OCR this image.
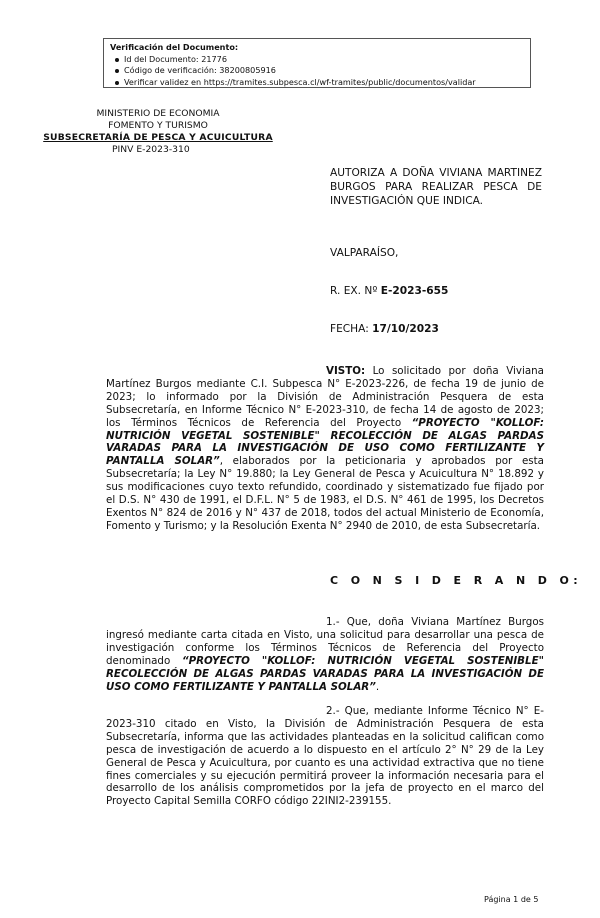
Verificación del Documento:
Id del Documento: 21776
Código de verificación: 38200805916
Verificar validez en https://tramites.subpesca.cl/wf-tramites/public/documentos/validar
MINISTERIO DE ECONOMIA
FOMENTO Y TURISMO
SUBSECRETARÍA DE PESCA Y ACUICULTURA
PINV E-2023-310
AUTORIZA A DOÑA VIVIANA MARTINEZ BURGOS PARA REALIZAR PESCA DE INVESTIGACIÓN QUE INDICA.
VALPARAÍSO,
R. EX. Nº E-2023-655
FECHA: 17/10/2023
VISTO: Lo solicitado por doña Viviana Martínez Burgos mediante C.I. Subpesca N° E-2023-226, de fecha 19 de junio de 2023; lo informado por la División de Administración Pesquera de esta Subsecretaría, en Informe Técnico N° E-2023-310, de fecha 14 de agosto de 2023; los Términos Técnicos de Referencia del Proyecto “PROYECTO "KOLLOF: NUTRICIÓN VEGETAL SOSTENIBLE" RECOLECCIÓN DE ALGAS PARDAS VARADAS PARA LA INVESTIGACIÓN DE USO COMO FERTILIZANTE Y PANTALLA SOLAR”, elaborados por la peticionaria y aprobados por esta Subsecretaría; la Ley N° 19.880; la Ley General de Pesca y Acuicultura N° 18.892 y sus modificaciones cuyo texto refundido, coordinado y sistematizado fue fijado por el D.S. N° 430 de 1991, el D.F.L. N° 5 de 1983, el D.S. N° 461 de 1995, los Decretos Exentos N° 824 de 2016 y N° 437 de 2018, todos del actual Ministerio de Economía, Fomento y Turismo; y la Resolución Exenta N° 2940 de 2010, de esta Subsecretaría.
C O N S I D E R A N D O:
1.- Que, doña Viviana Martínez Burgos ingresó mediante carta citada en Visto, una solicitud para desarrollar una pesca de investigación conforme los Términos Técnicos de Referencia del Proyecto denominado “PROYECTO "KOLLOF: NUTRICIÓN VEGETAL SOSTENIBLE" RECOLECCIÓN DE ALGAS PARDAS VARADAS PARA LA INVESTIGACIÓN DE USO COMO FERTILIZANTE Y PANTALLA SOLAR”.
2.- Que, mediante Informe Técnico N° E-2023-310 citado en Visto, la División de Administración Pesquera de esta Subsecretaría, informa que las actividades planteadas en la solicitud califican como pesca de investigación de acuerdo a lo dispuesto en el artículo 2° N° 29 de la Ley General de Pesca y Acuicultura, por cuanto es una actividad extractiva que no tiene fines comerciales y su ejecución permitirá proveer la información necesaria para el desarrollo de los análisis comprometidos por la jefa de proyecto en el marco del Proyecto Capital Semilla CORFO código 22INI2-239155.
Página 1 de 5
